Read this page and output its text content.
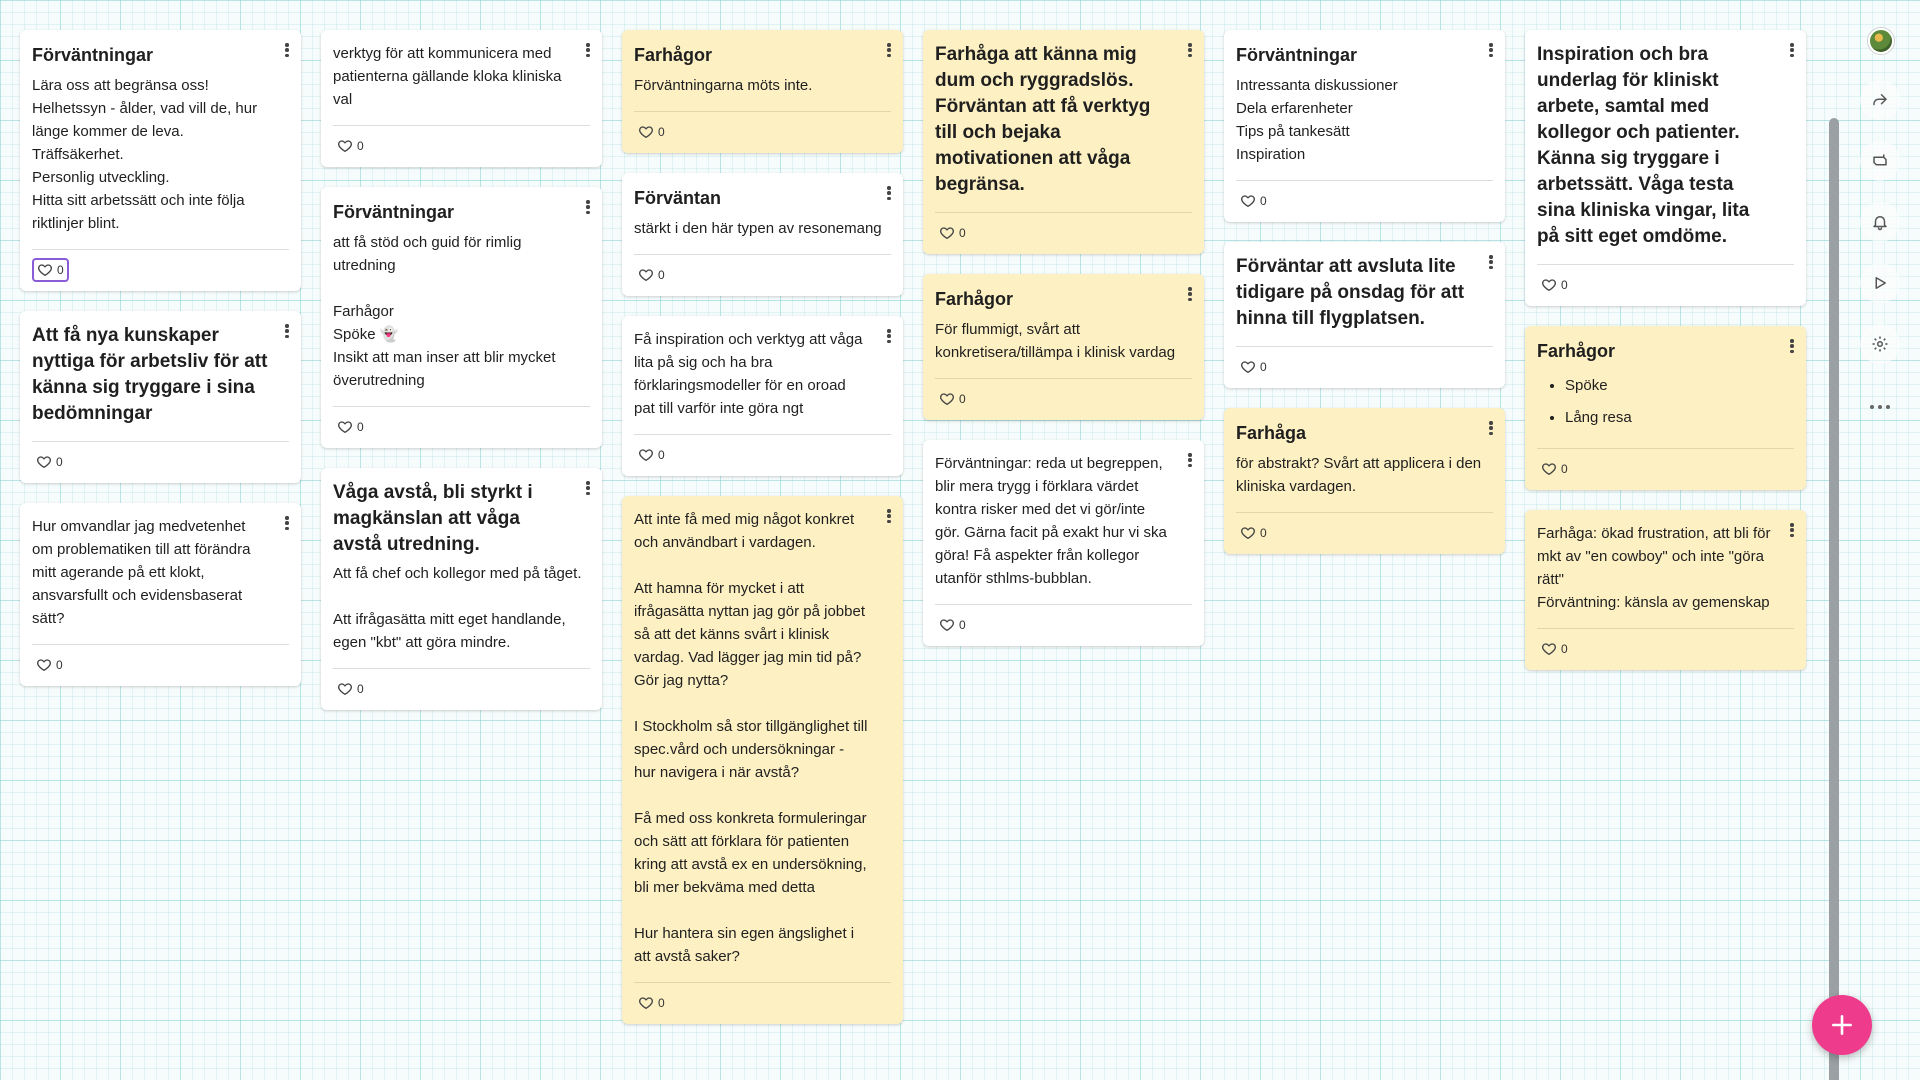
Förväntningar
Lära oss att begränsa oss!
Helhetssyn - ålder, vad vill de, hur länge kommer de leva.
Träffsäkerhet.
Personlig utveckling.
Hitta sitt arbetssätt och inte följa riktlinjer blint.
0
Att få nya kunskaper nyttiga för arbetsliv för att känna sig tryggare i sina bedömningar
0
Hur omvandlar jag medvetenhet om problematiken till att förändra mitt agerande på ett klokt, ansvarsfullt och evidensbaserat sätt?
0
verktyg för att kommunicera med patienterna gällande kloka kliniska val
0
Förväntningar
att få stöd och guid för rimlig utredning

Farhågor
Spöke 👻
Insikt att man inser att blir mycket överutredning
0
Våga avstå, bli styrkt i magkänslan att våga avstå utredning.
Att få chef och kollegor med på tåget.

Att ifrågasätta mitt eget handlande, egen "kbt" att göra mindre.
0
Farhågor
Förväntningarna möts inte.
0
Förväntan
stärkt i den här typen av resonemang
0
Få inspiration och verktyg att våga lita på sig och ha bra förklaringsmodeller för en oroad pat till varför inte göra ngt
0
Att inte få med mig något konkret och användbart i vardagen.

Att hamna för mycket i att ifrågasätta nyttan jag gör på jobbet så att det känns svårt i klinisk vardag. Vad lägger jag min tid på? Gör jag nytta?

I Stockholm så stor tillgänglighet till spec.vård och undersökningar - hur navigera i när avstå?

Få med oss konkreta formuleringar och sätt att förklara för patienten kring att avstå ex en undersökning, bli mer bekväma med detta

Hur hantera sin egen ängslighet i att avstå saker?
0
Farhåga att känna mig dum och ryggradslös. Förväntan att få verktyg till och bejaka motivationen att våga begränsa.
0
Farhågor
För flummigt, svårt att konkretisera/tillämpa i klinisk vardag
0
Förväntningar: reda ut begreppen, blir mera trygg i förklara värdet kontra risker med det vi gör/inte gör. Gärna facit på exakt hur vi ska göra! Få aspekter från kollegor utanför sthlms-bubblan.
0
Förväntningar
Intressanta diskussioner
Dela erfarenheter
Tips på tankesätt
Inspiration
0
Förväntar att avsluta lite tidigare på onsdag för att hinna till flygplatsen.
0
Farhåga
för abstrakt? Svårt att applicera i den kliniska vardagen.
0
Inspiration och bra underlag för kliniskt arbete, samtal med kollegor och patienter. Känna sig tryggare i arbetssätt. Våga testa sina kliniska vingar, lita på sitt eget omdöme.
0
Farhågor
• Spöke
• Lång resa
0
Farhåga: ökad frustration, att bli för mkt av "en cowboy" och inte "göra rätt"
Förväntning: känsla av gemenskap
0
